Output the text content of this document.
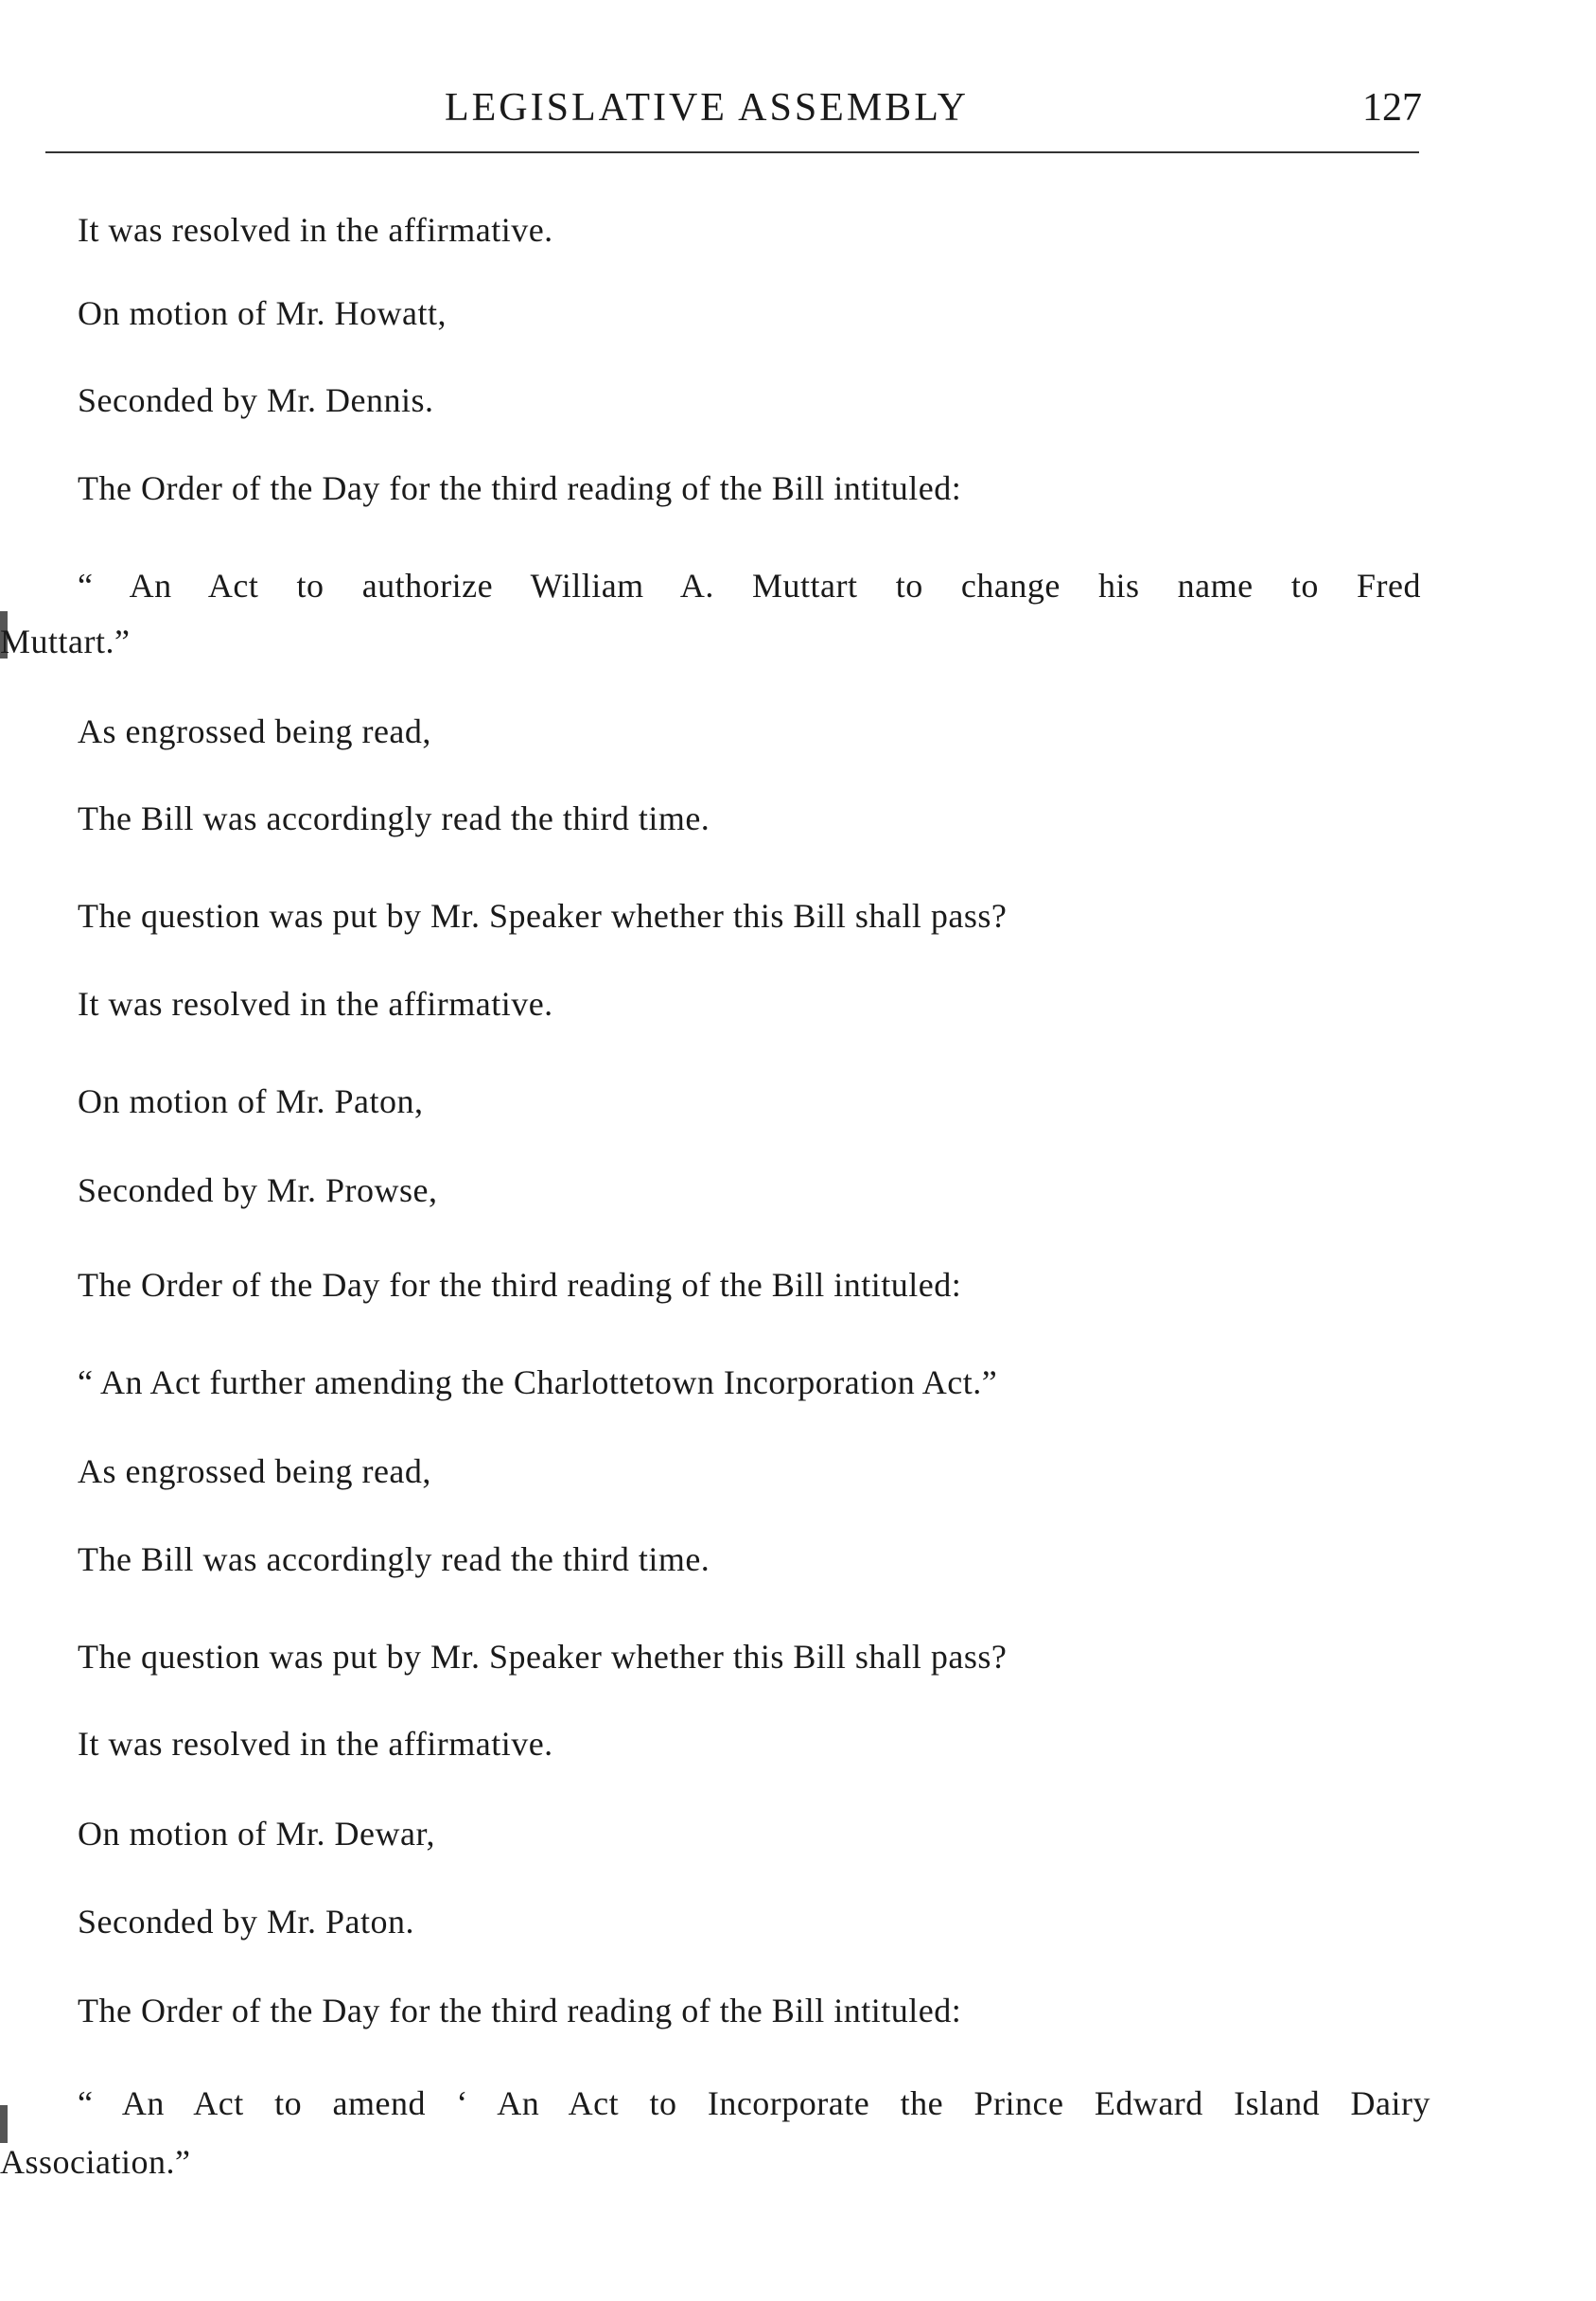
LEGISLATIVE ASSEMBLY	127
It was resolved in the affirmative.
On motion of Mr. Howatt,
Seconded by Mr. Dennis.
The Order of the Day for the third reading of the Bill intituled:
“ An Act to authorize William A. Muttart to change his name to Fred
Muttart.”
As engrossed being read,
The Bill was accordingly read the third time.
The question was put by Mr. Speaker whether this Bill shall pass?
It was resolved in the affirmative.
On motion of Mr. Paton,
Seconded by Mr. Prowse,
The Order of the Day for the third reading of the Bill intituled:
“ An Act further amending the Charlottetown Incorporation Act.”
As engrossed being read,
The Bill was accordingly read the third time.
The question was put by Mr. Speaker whether this Bill shall pass?
It was resolved in the affirmative.
On motion of Mr. Dewar,
Seconded by Mr. Paton.
The Order of the Day for the third reading of the Bill intituled:
“ An Act to amend ‘ An Act to Incorporate the Prince Edward Island Dairy
Association.”
